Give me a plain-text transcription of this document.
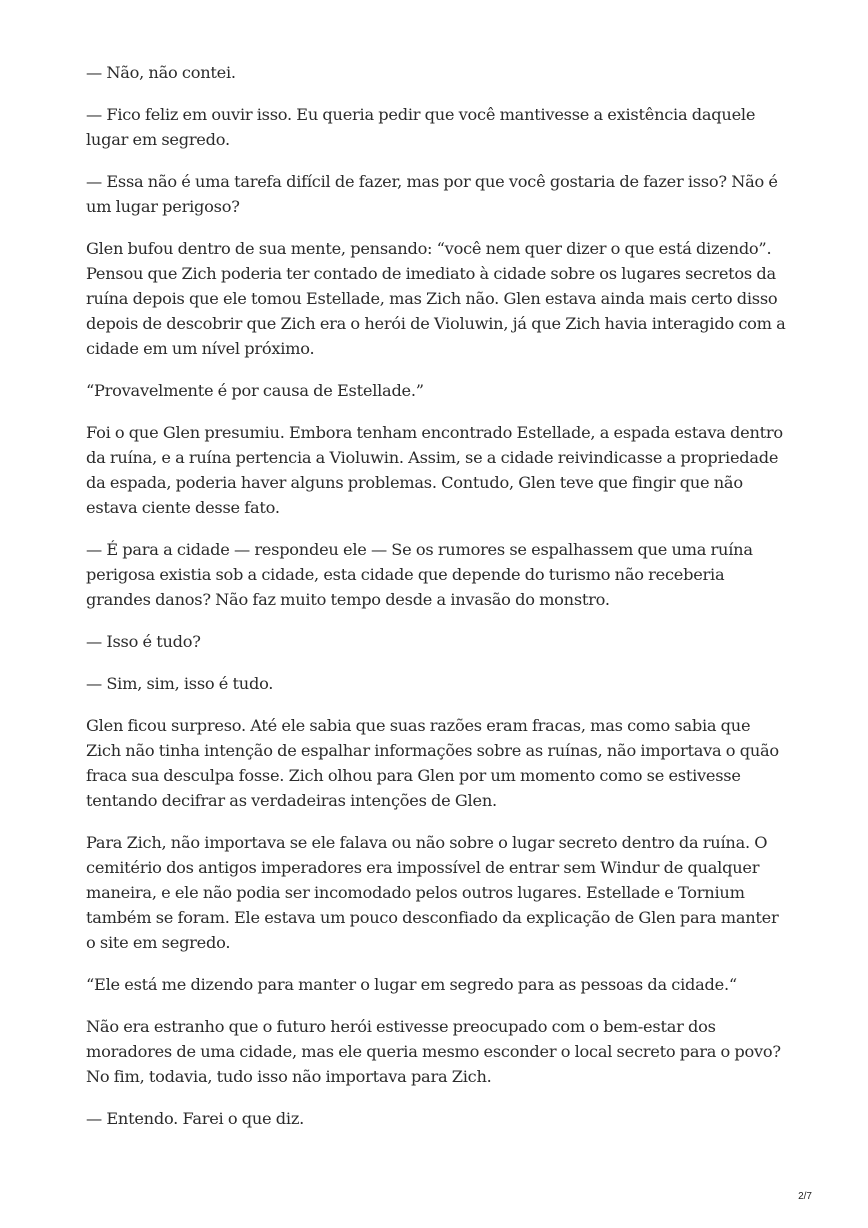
— Não, não contei.

— Fico feliz em ouvir isso. Eu queria pedir que você mantivesse a existência daquele lugar em segredo.

— Essa não é uma tarefa difícil de fazer, mas por que você gostaria de fazer isso? Não é um lugar perigoso?

Glen bufou dentro de sua mente, pensando: “você nem quer dizer o que está dizendo”. Pensou que Zich poderia ter contado de imediato à cidade sobre os lugares secretos da ruína depois que ele tomou Estellade, mas Zich não. Glen estava ainda mais certo disso depois de descobrir que Zich era o herói de Violuwin, já que Zich havia interagido com a cidade em um nível próximo.

“Provavelmente é por causa de Estellade.”

Foi o que Glen presumiu. Embora tenham encontrado Estellade, a espada estava dentro da ruína, e a ruína pertencia a Violuwin. Assim, se a cidade reivindicasse a propriedade da espada, poderia haver alguns problemas. Contudo, Glen teve que fingir que não estava ciente desse fato.

— É para a cidade — respondeu ele — Se os rumores se espalhassem que uma ruína perigosa existia sob a cidade, esta cidade que depende do turismo não receberia grandes danos? Não faz muito tempo desde a invasão do monstro.

— Isso é tudo?

— Sim, sim, isso é tudo.

Glen ficou surpreso. Até ele sabia que suas razões eram fracas, mas como sabia que Zich não tinha intenção de espalhar informações sobre as ruínas, não importava o quão fraca sua desculpa fosse. Zich olhou para Glen por um momento como se estivesse tentando decifrar as verdadeiras intenções de Glen.

Para Zich, não importava se ele falava ou não sobre o lugar secreto dentro da ruína. O cemitério dos antigos imperadores era impossível de entrar sem Windur de qualquer maneira, e ele não podia ser incomodado pelos outros lugares. Estellade e Tornium também se foram. Ele estava um pouco desconfiado da explicação de Glen para manter o site em segredo.

“Ele está me dizendo para manter o lugar em segredo para as pessoas da cidade.“

Não era estranho que o futuro herói estivesse preocupado com o bem-estar dos moradores de uma cidade, mas ele queria mesmo esconder o local secreto para o povo? No fim, todavia, tudo isso não importava para Zich.

— Entendo. Farei o que diz.

2/7
